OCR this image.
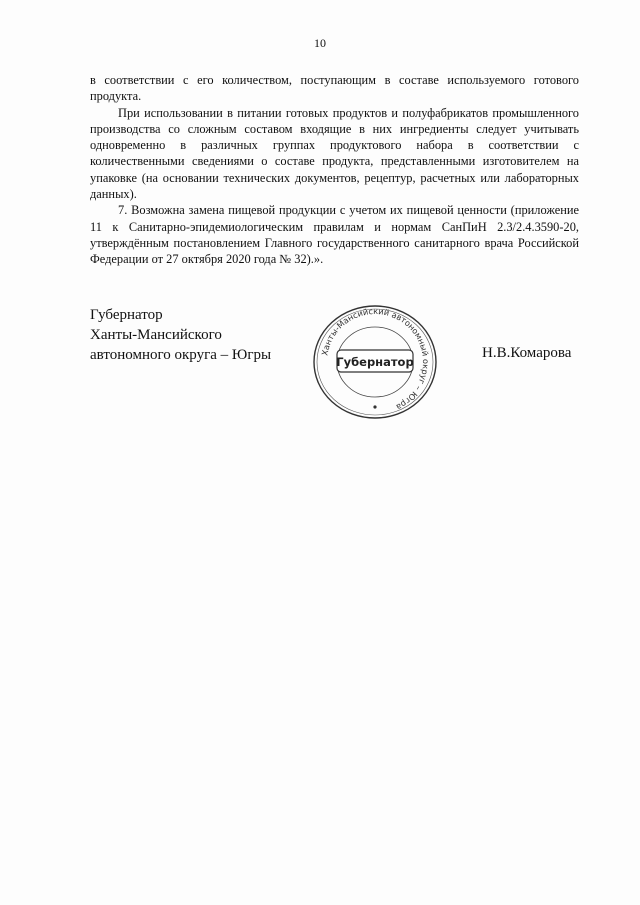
10

в соответствии с его количеством, поступающим в составе используемого готового продукта.

При использовании в питании готовых продуктов и полуфабрикатов промышленного производства со сложным составом входящие в них ингредиенты следует учитывать одновременно в различных группах продуктового набора в соответствии с количественными сведениями о составе продукта, представленными изготовителем на упаковке (на основании технических документов, рецептур, расчетных или лабораторных данных).

7. Возможна замена пищевой продукции с учетом их пищевой ценности (приложение 11 к Санитарно-эпидемиологическим правилам и нормам СанПиН 2.3/2.4.3590-20, утверждённым постановлением Главного государственного санитарного врача Российской Федерации от 27 октября 2020 года № 32).».

Губернатор
Ханты-Мансийского
автономного округа – Югры	Ханты-Мансийский автономный округ – Югра
Губернатор
Н.В.Комарова
